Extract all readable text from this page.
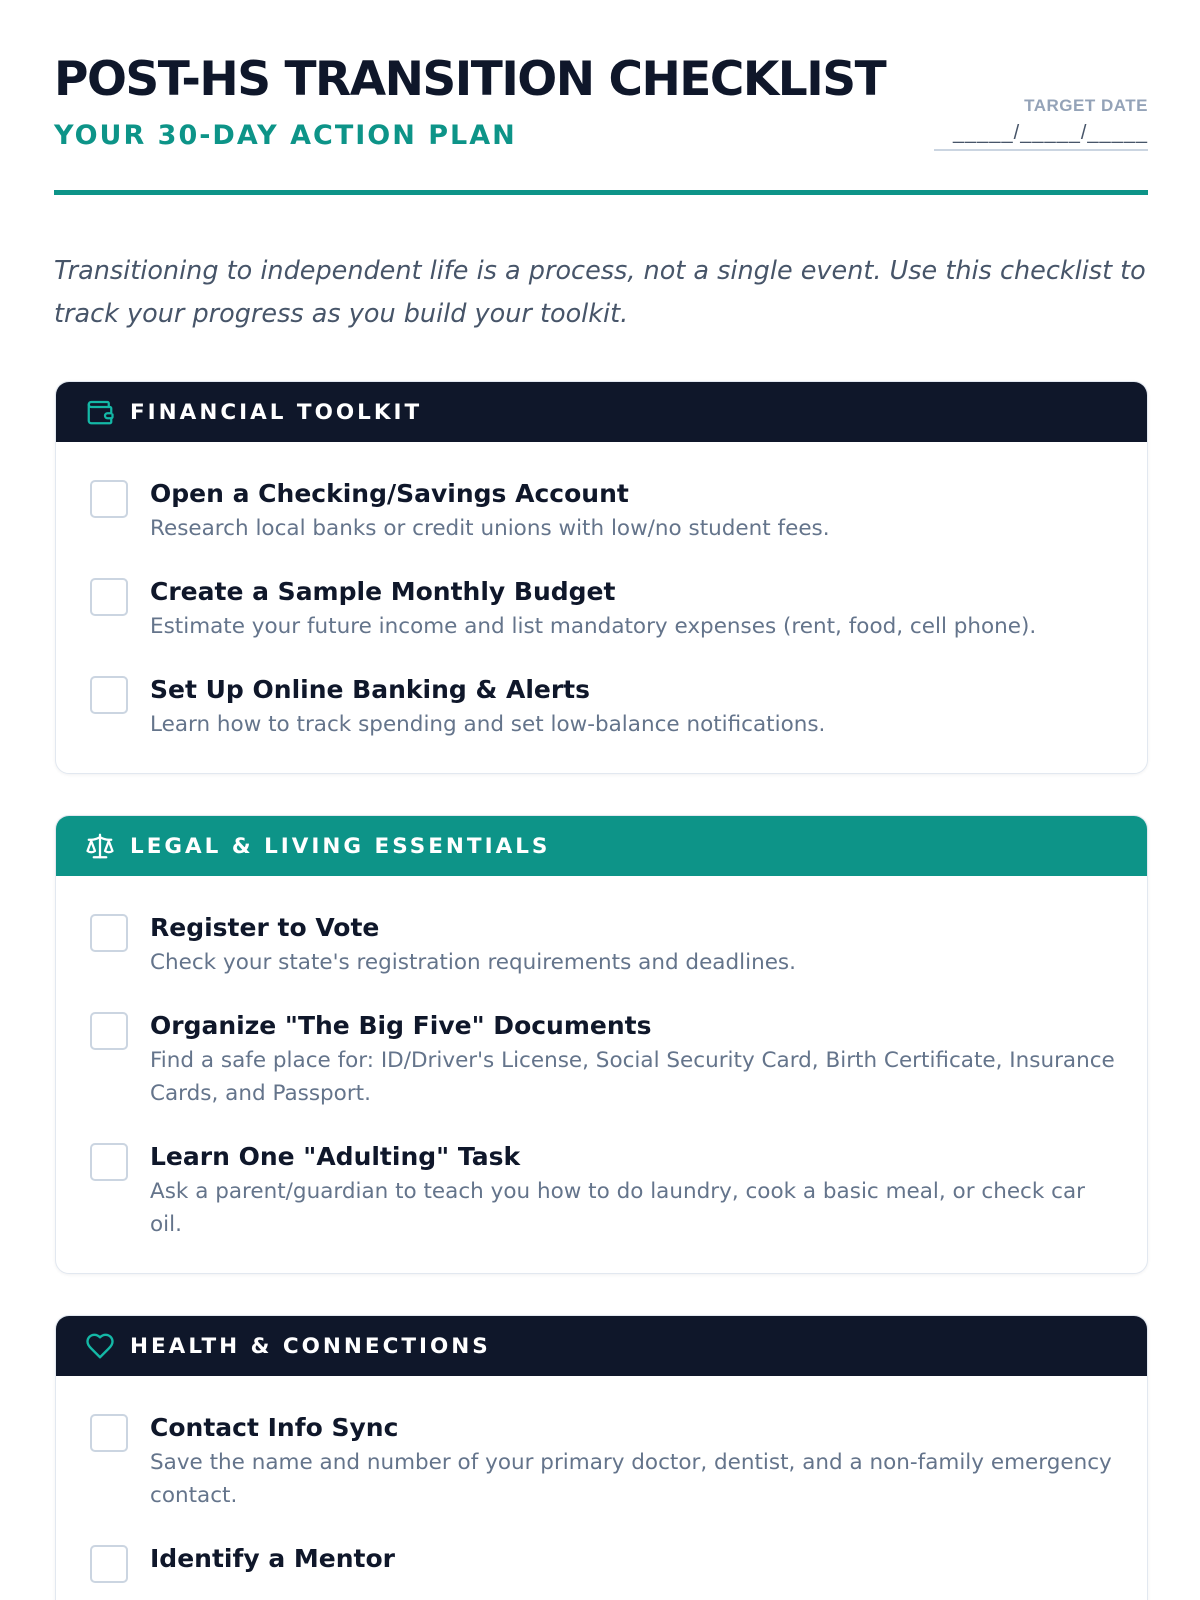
POST-HS TRANSITION CHECKLIST
YOUR 30-DAY ACTION PLAN
TARGET DATE
_____/_____/_____

Transitioning to independent life is a process, not a single event. Use this checklist to track your progress as you build your toolkit.

FINANCIAL TOOLKIT
Open a Checking/Savings Account
Research local banks or credit unions with low/no student fees.
Create a Sample Monthly Budget
Estimate your future income and list mandatory expenses (rent, food, cell phone).
Set Up Online Banking & Alerts
Learn how to track spending and set low-balance notifications.
LEGAL & LIVING ESSENTIALS
Register to Vote
Check your state's registration requirements and deadlines.
Organize "The Big Five" Documents
Find a safe place for: ID/Driver's License, Social Security Card, Birth Certificate, Insurance Cards, and Passport.
Learn One "Adulting" Task
Ask a parent/guardian to teach you how to do laundry, cook a basic meal, or check car oil.
HEALTH & CONNECTIONS
Contact Info Sync
Save the name and number of your primary doctor, dentist, and a non-family emergency contact.
Identify a Mentor
